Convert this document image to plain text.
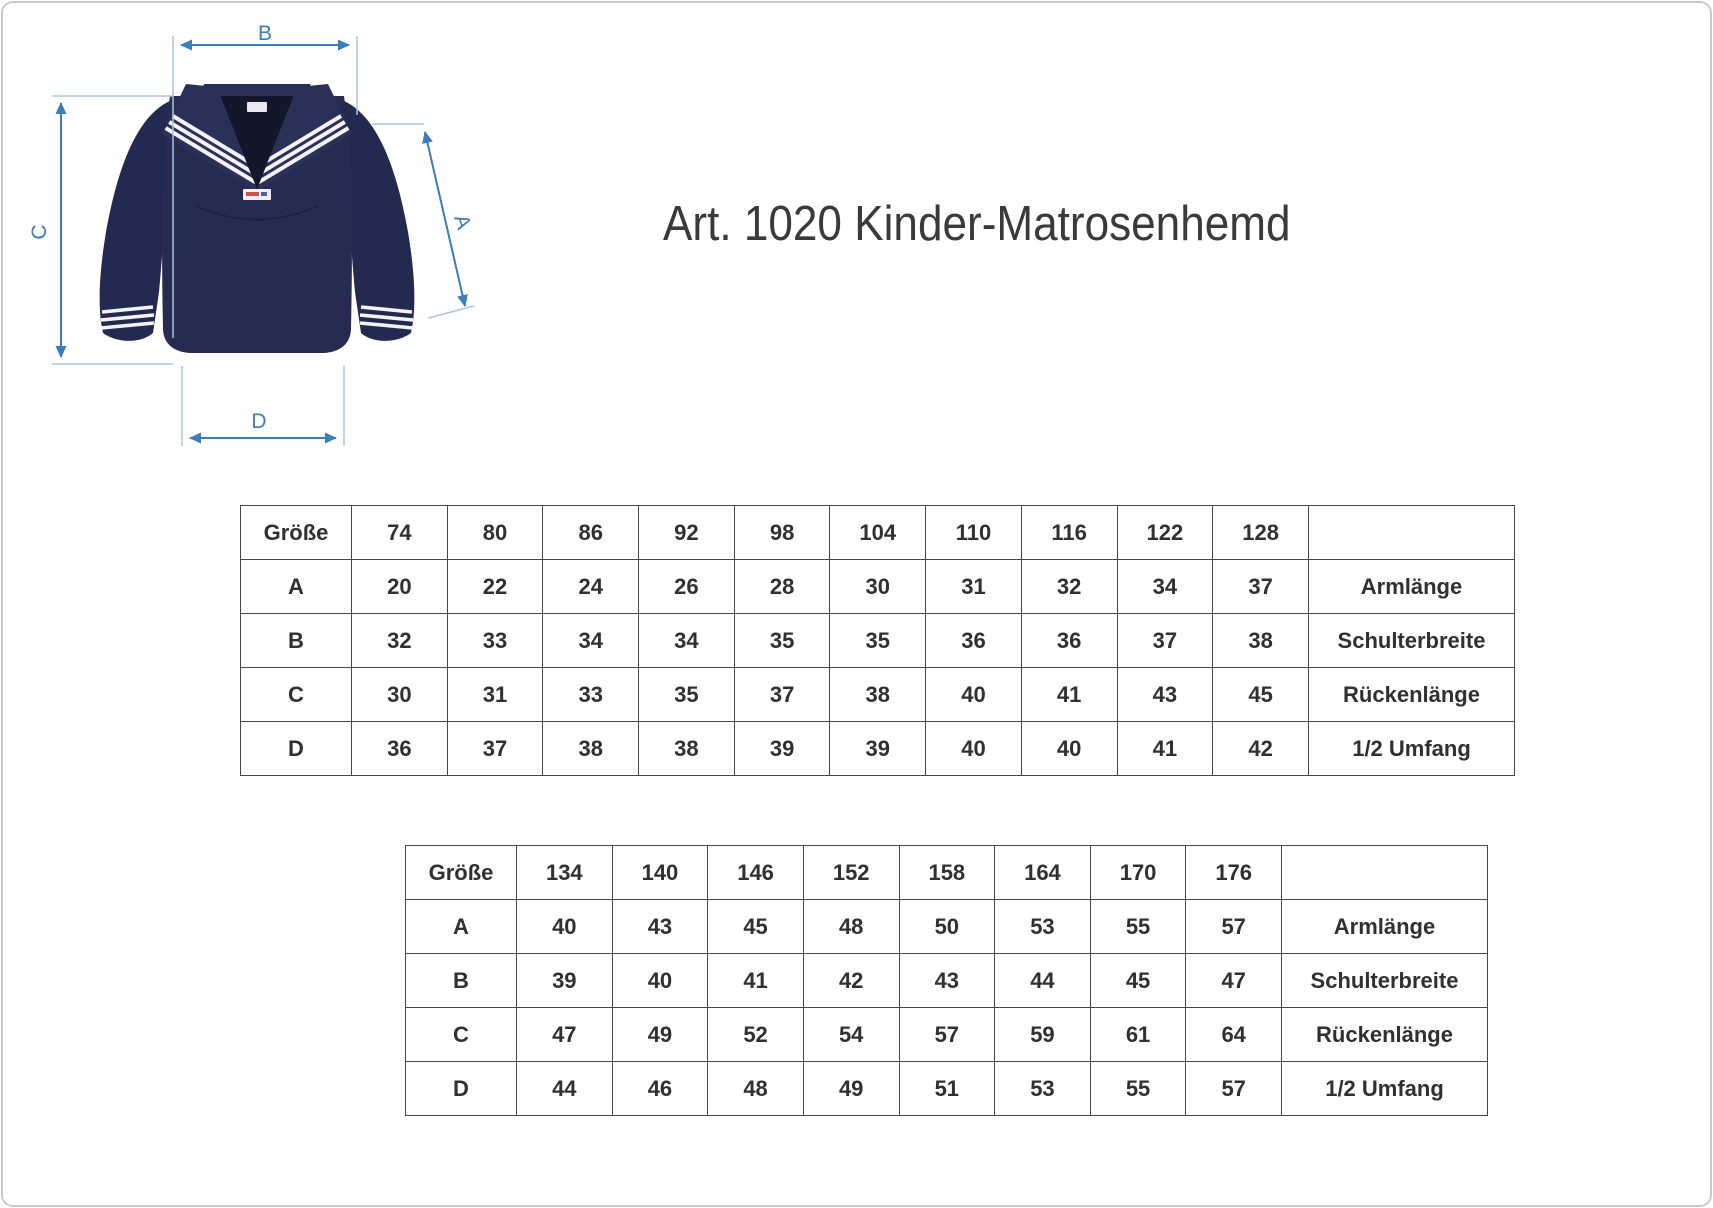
B
C	A
D
Art. 1020 Kinder-Matrosenhemd
Größe	74	80	86	92	98	104	110	116	122	128	
A	20	22	24	26	28	30	31	32	34	37	Armlänge
B	32	33	34	34	35	35	36	36	37	38	Schulterbreite
C	30	31	33	35	37	38	40	41	43	45	Rückenlänge
D	36	37	38	38	39	39	40	40	41	42	1/2 Umfang
Größe	134	140	146	152	158	164	170	176	
A	40	43	45	48	50	53	55	57	Armlänge
B	39	40	41	42	43	44	45	47	Schulterbreite
C	47	49	52	54	57	59	61	64	Rückenlänge
D	44	46	48	49	51	53	55	57	1/2 Umfang
